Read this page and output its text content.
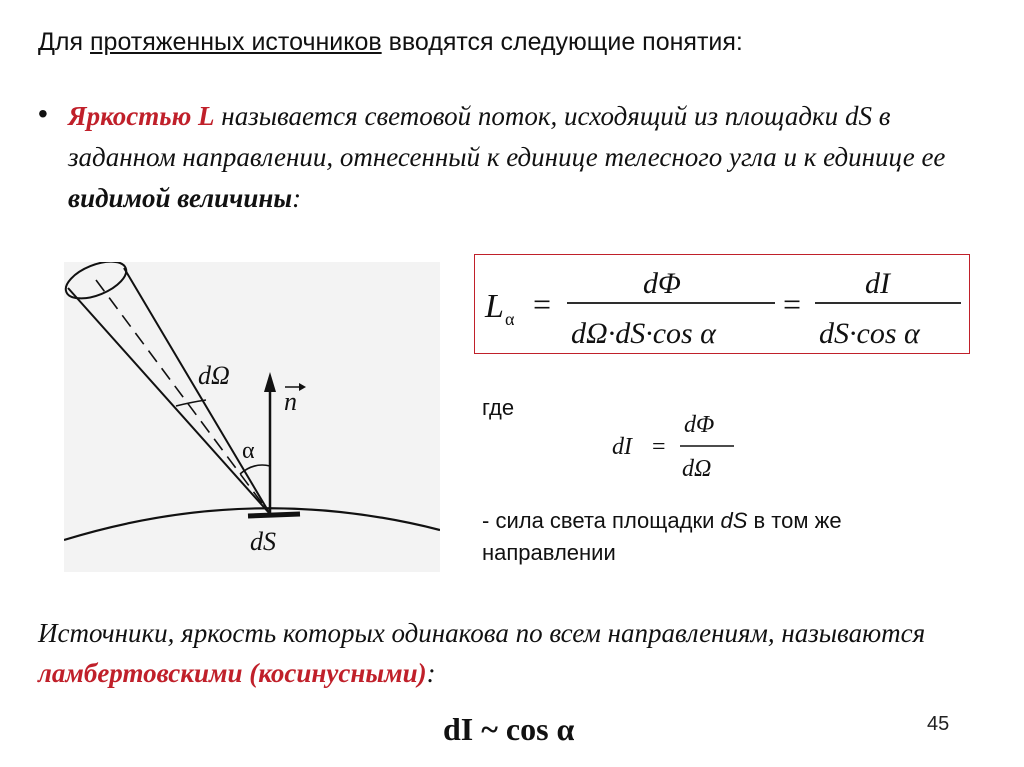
Для протяженных источников вводятся следующие понятия:
• Яркостью L называется световой поток, исходящий из площадки dS в заданном направлении, отнесенный к единице телесного угла и к единице ее видимой величины:
dΩ
α
n
dS
L α =
dΦ
dΩ·dS·cos α
=
dI
dS·cos α
где
dI =
dΦ
dΩ
- сила света площадки dS в том же направлении
Источники, яркость которых одинакова по всем направлениям, называются ламбертовскими (косинусными):
dI ~ cos α	45
